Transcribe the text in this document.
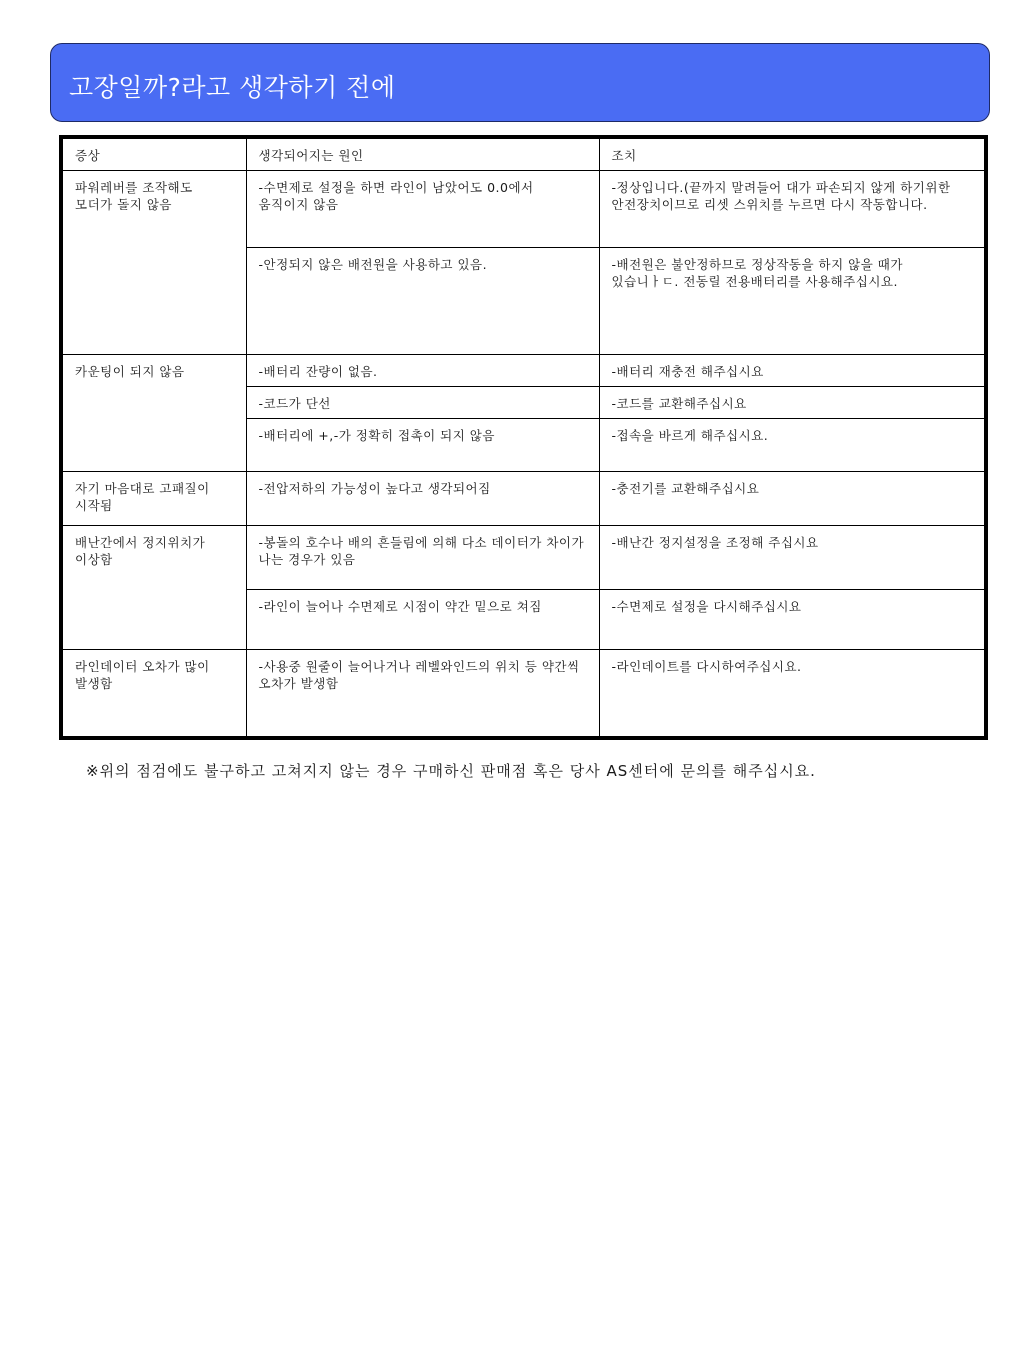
고장일까?라고 생각하기 전에
증상	생각되어지는 원인	조치
파워레버를 조작해도 모더가 돌지 않음	-수면제로 설정을 하면 라인이 남았어도 0.0에서 움직이지 않음	-정상입니다.(끝까지 말려들어 대가 파손되지 않게 하기위한 안전장치이므로 리셋 스위치를 누르면 다시 작동합니다.
	-안정되지 않은 배전원을 사용하고 있음.	-배전원은 불안정하므로 정상작동을 하지 않을 때가 있습니ㅏㄷ. 전동릴 전용배터리를 사용해주십시요.
카운팅이 되지 않음	-배터리 잔량이 없음.	-배터리 재충전 해주십시요
	-코드가 단선	-코드를 교환해주십시요
	-배터리에 +,-가 정확히 접촉이 되지 않음	-접속을 바르게 해주십시요.
자기 마음대로 고패질이 시작됨	-전압저하의 가능성이 높다고 생각되어짐	-충전기를 교환해주십시요
배난간에서 정지위치가 이상함	-봉돌의 호수나 배의 흔들림에 의해 다소 데이터가 차이가 나는 경우가 있음	-배난간 정지설정을 조정해 주십시요
	-라인이 늘어나 수면제로 시점이 약간 밑으로 쳐짐	-수면제로 설정을 다시해주십시요
라인데이터 오차가 많이 발생함	-사용중 원줄이 늘어나거나 레벨와인드의 위치 등 약간씩 오차가 발생함	-라인데이트를 다시하여주십시요.
※위의 점검에도 불구하고 고쳐지지 않는 경우 구매하신 판매점 혹은 당사 AS센터에 문의를 해주십시요.
